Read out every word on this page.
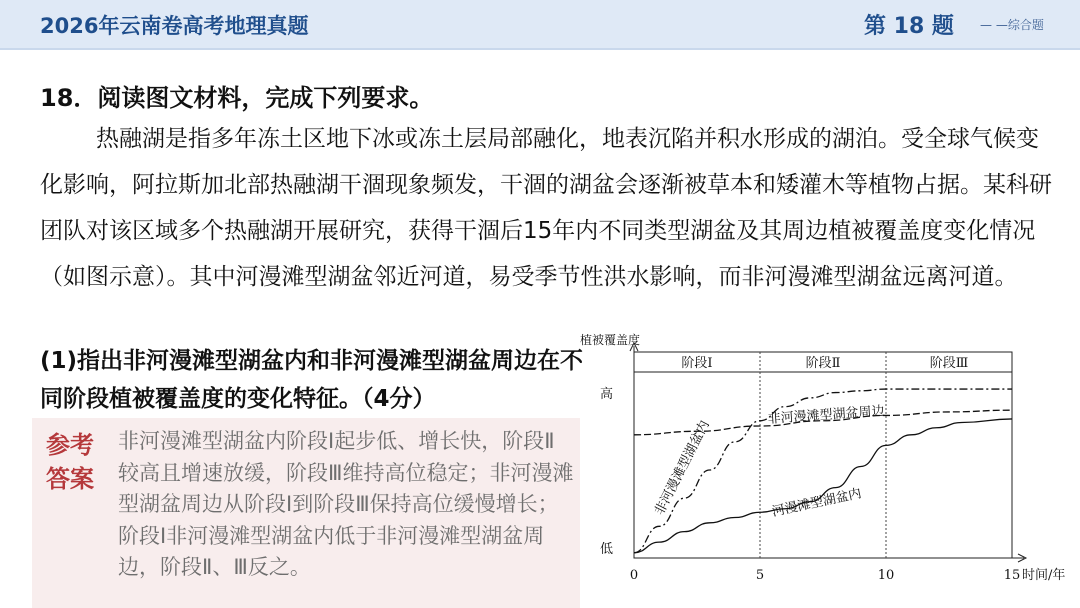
2026年云南卷高考地理真题	第 18 题 — —综合题
18．阅读图文材料，完成下列要求。
热融湖是指多年冻土区地下冰或冻土层局部融化，地表沉陷并积水形成的湖泊。受全球气候变化影响，阿拉斯加北部热融湖干涸现象频发，干涸的湖盆会逐渐被草本和矮灌木等植物占据。某科研团队对该区域多个热融湖开展研究，获得干涸后15年内不同类型湖盆及其周边植被覆盖度变化情况（如图示意）。其中河漫滩型湖盆邻近河道，易受季节性洪水影响，而非河漫滩型湖盆远离河道。
(1)指出非河漫滩型湖盆内和非河漫滩型湖盆周边在不同阶段植被覆盖度的变化特征。（4分）
参考答案
非河漫滩型湖盆内阶段Ⅰ起步低、增长快，阶段Ⅱ较高且增速放缓，阶段Ⅲ维持高位稳定；非河漫滩型湖盆周边从阶段Ⅰ到阶段Ⅲ保持高位缓慢增长；阶段Ⅰ非河漫滩型湖盆内低于非河漫滩型湖盆周边，阶段Ⅱ、Ⅲ反之。
植被覆盖度
高
低
时间/年
阶段Ⅰ	阶段Ⅱ	阶段Ⅲ
0	5	10	15
非河漫滩型湖盆内
非河漫滩型湖盆周边
河漫滩型湖盆内
